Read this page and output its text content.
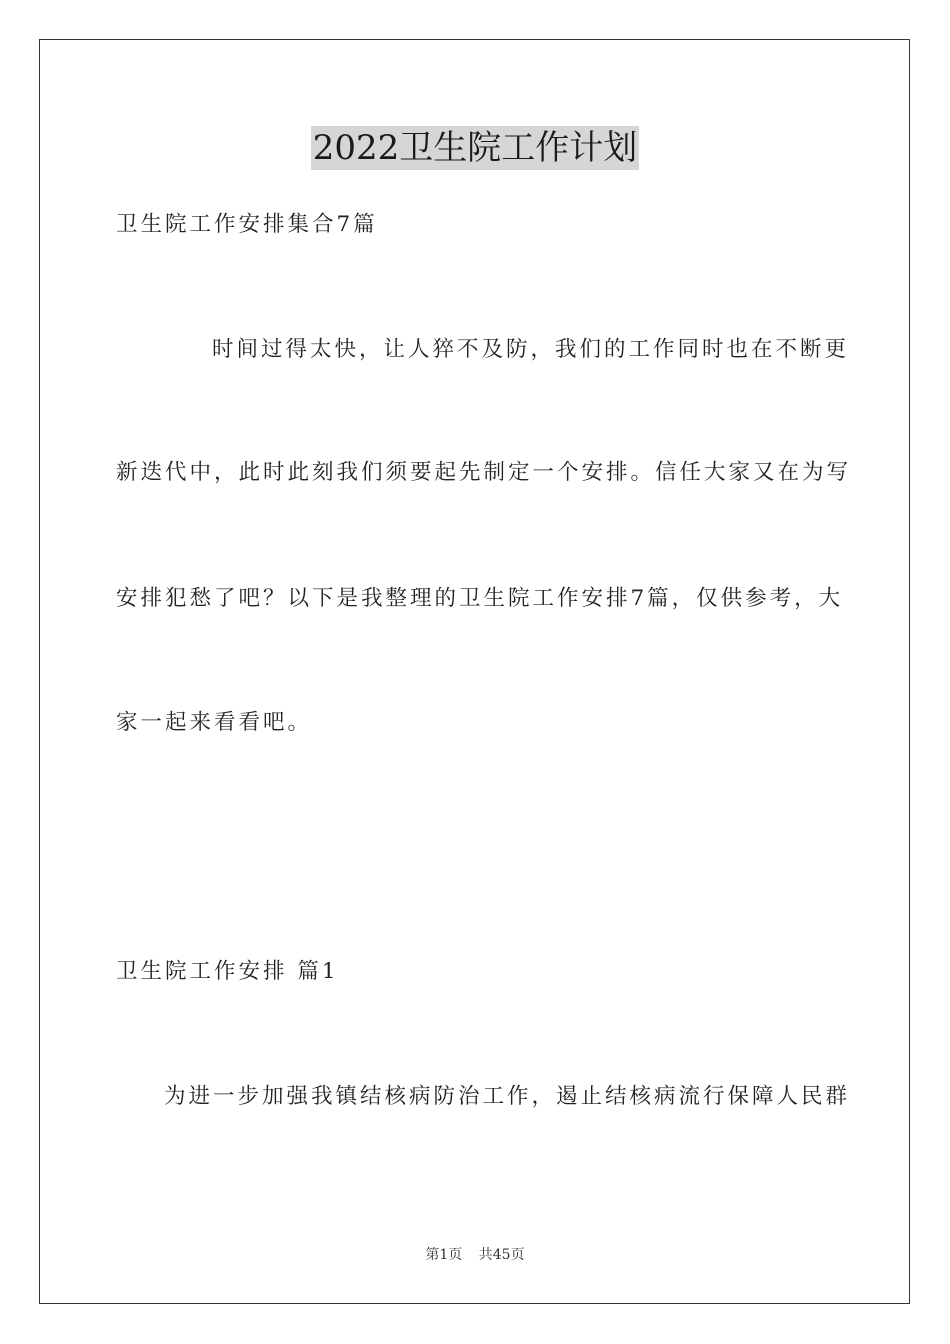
2022卫生院工作计划
卫生院工作安排集合7篇
时间过得太快，让人猝不及防，我们的工作同时也在不断更
新迭代中，此时此刻我们须要起先制定一个安排。信任大家又在为写
安排犯愁了吧？以下是我整理的卫生院工作安排7篇，仅供参考，大
家一起来看看吧。
卫生院工作安排 篇1
为进一步加强我镇结核病防治工作，遏止结核病流行保障人民群
第1页 共45页
